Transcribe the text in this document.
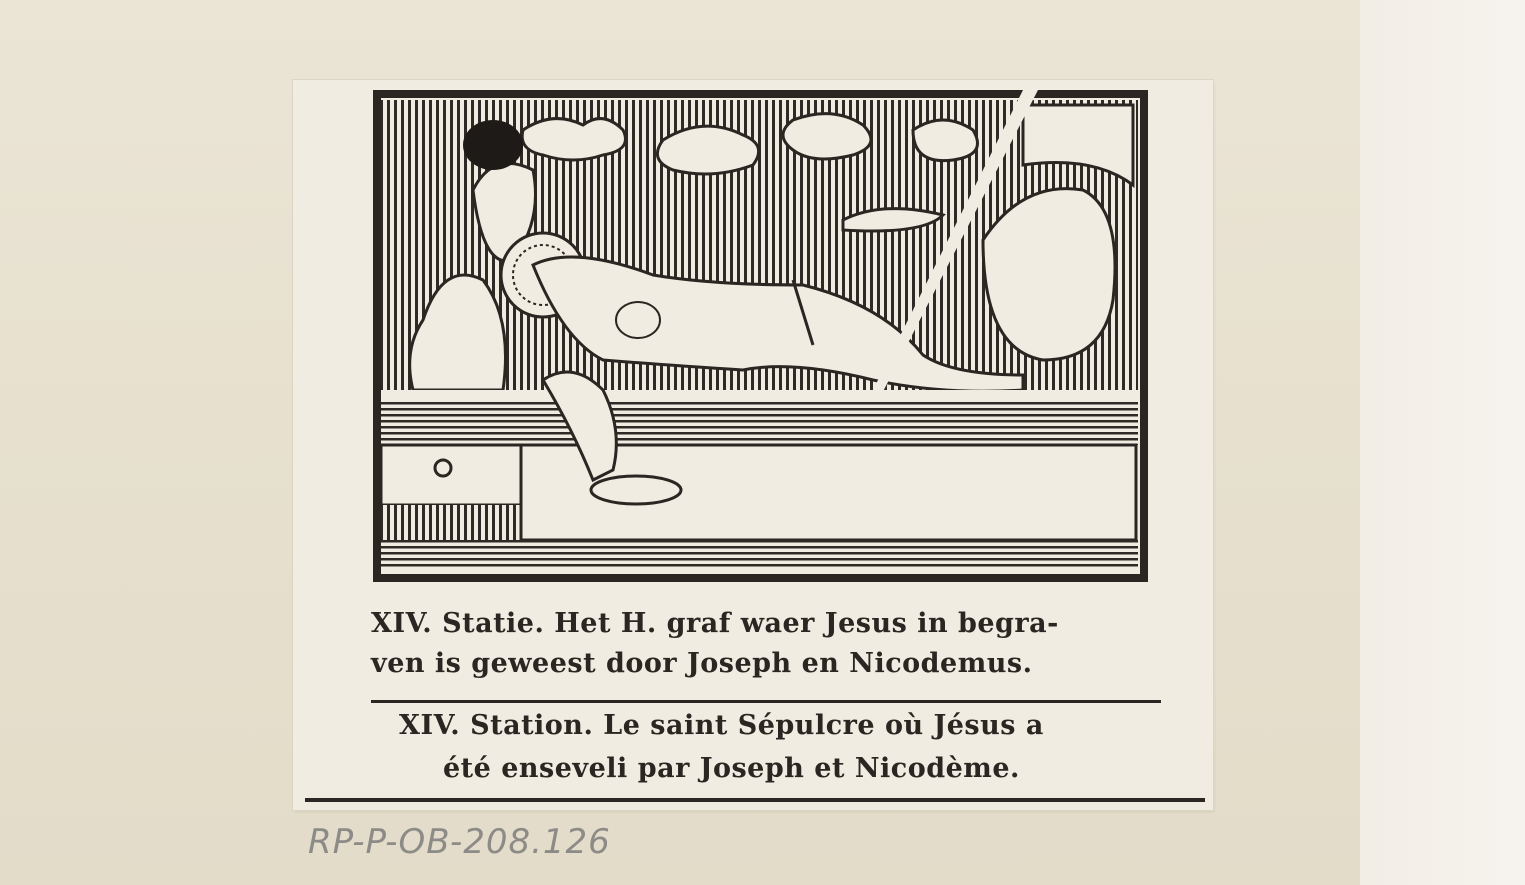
XIV. Statie. Het H. graf waer Jesus in begra-

ven is geweest door Joseph en Nicodemus.

XIV. Station. Le saint Sépulcre où Jésus a

été enseveli par Joseph et Nicodème.

RP-P-OB-208.126
